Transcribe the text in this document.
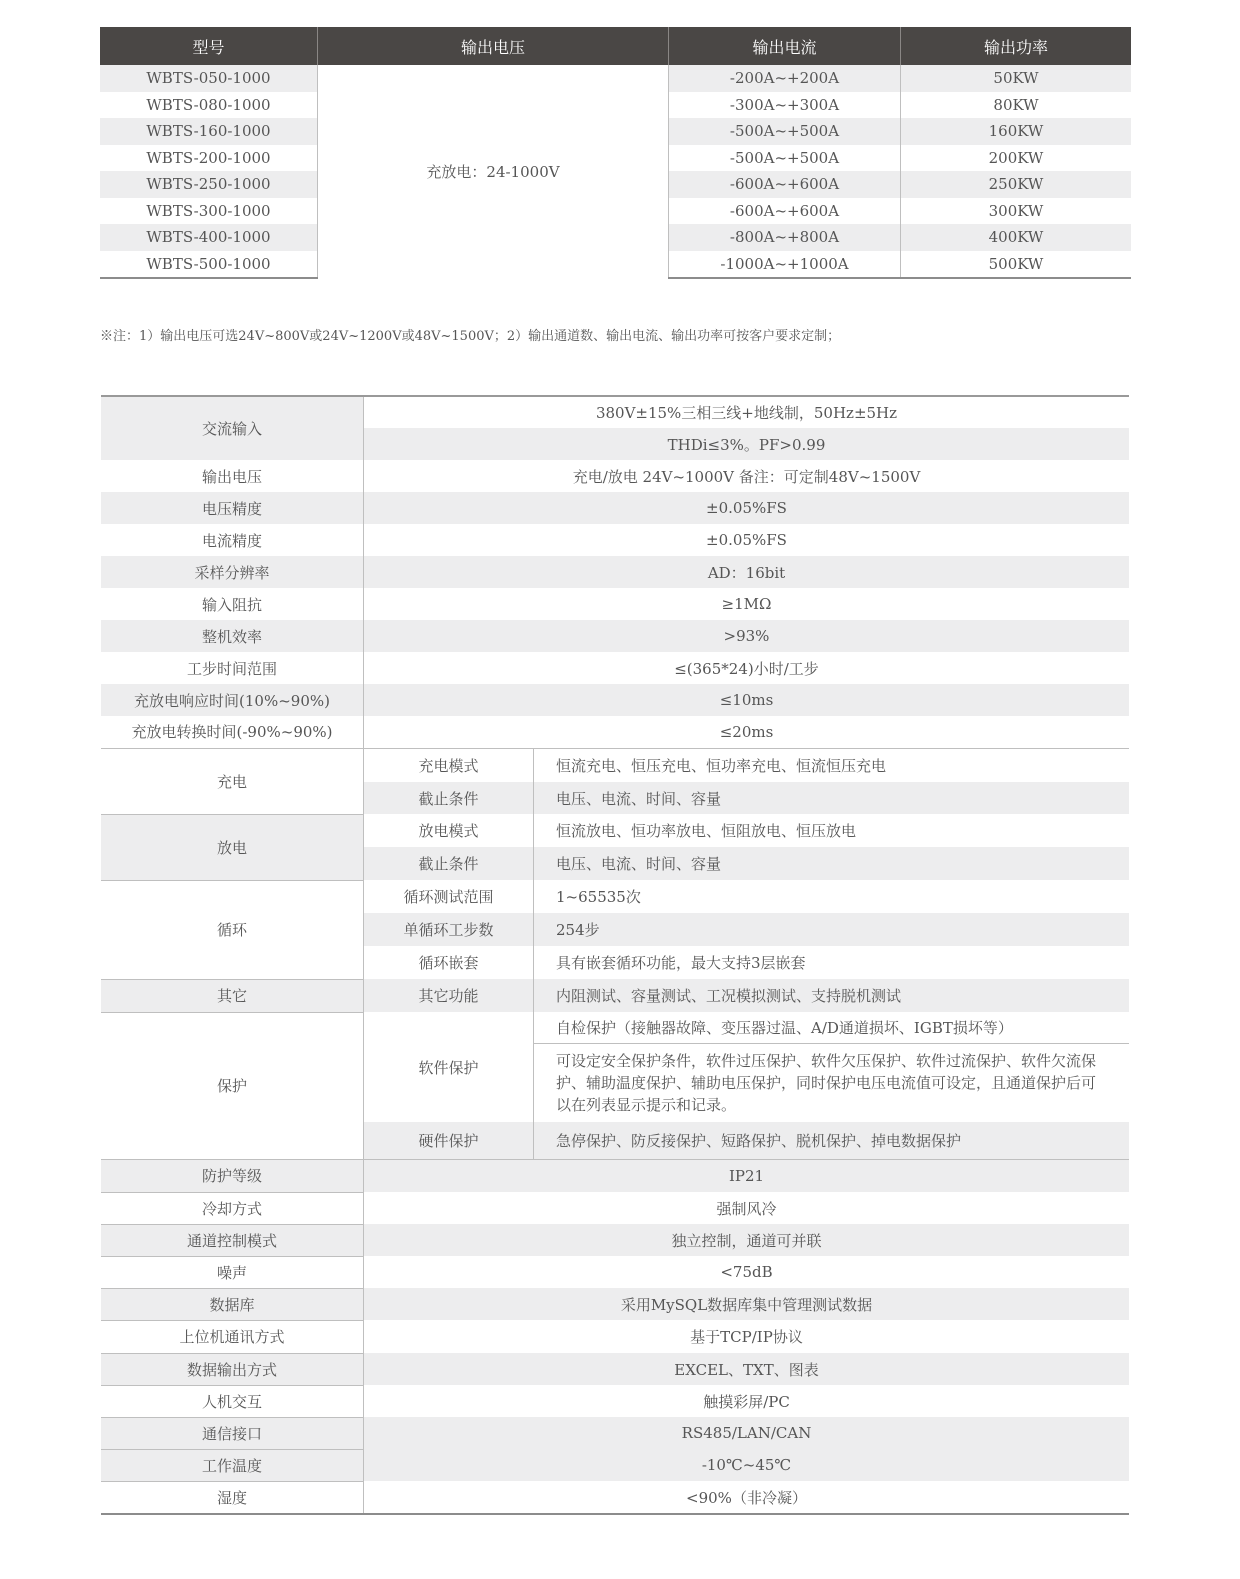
型号	输出电压	输出电流	输出功率
WBTS-050-1000	充放电：24-1000V	-200A~+200A	50KW
WBTS-080-1000		-300A~+300A	80KW
WBTS-160-1000		-500A~+500A	160KW
WBTS-200-1000		-500A~+500A	200KW
WBTS-250-1000		-600A~+600A	250KW
WBTS-300-1000		-600A~+600A	300KW
WBTS-400-1000		-800A~+800A	400KW
WBTS-500-1000		-1000A~+1000A	500KW
※注：1）输出电压可选24V~800V或24V~1200V或48V~1500V；2）输出通道数、输出电流、输出功率可按客户要求定制；
交流输入	380V±15%三相三线+地线制，50Hz±5Hz	
	THDi≤3%。PF>0.99	
输出电压	充电/放电 24V~1000V 备注：可定制48V~1500V	
电压精度	±0.05%FS	
电流精度	±0.05%FS	
采样分辨率	AD：16bit	
输入阻抗	≥1MΩ	
整机效率	>93%	
工步时间范围	≤(365*24)小时/工步	
充放电响应时间(10%~90%)	≤10ms	
充放电转换时间(-90%~90%)	≤20ms	
充电	充电模式	恒流充电、恒压充电、恒功率充电、恒流恒压充电
	截止条件	电压、电流、时间、容量
放电	放电模式	恒流放电、恒功率放电、恒阻放电、恒压放电
	截止条件	电压、电流、时间、容量
循环	循环测试范围	1~65535次
	单循环工步数	254步
	循环嵌套	具有嵌套循环功能，最大支持3层嵌套
其它	其它功能	内阻测试、容量测试、工况模拟测试、支持脱机测试
保护	软件保护	自检保护（接触器故障、变压器过温、A/D通道损坏、IGBT损坏等）
		可设定安全保护条件，软件过压保护、软件欠压保护、软件过流保护、软件欠流保护、辅助温度保护、辅助电压保护，同时保护电压电流值可设定，且通道保护后可以在列表显示提示和记录。
	硬件保护	急停保护、防反接保护、短路保护、脱机保护、掉电数据保护
防护等级	IP21	
冷却方式	强制风冷	
通道控制模式	独立控制，通道可并联	
噪声	<75dB	
数据库	采用MySQL数据库集中管理测试数据	
上位机通讯方式	基于TCP/IP协议	
数据输出方式	EXCEL、TXT、图表	
人机交互	触摸彩屏/PC	
通信接口	RS485/LAN/CAN	
工作温度	-10℃~45℃	
湿度	<90%（非冷凝）	
